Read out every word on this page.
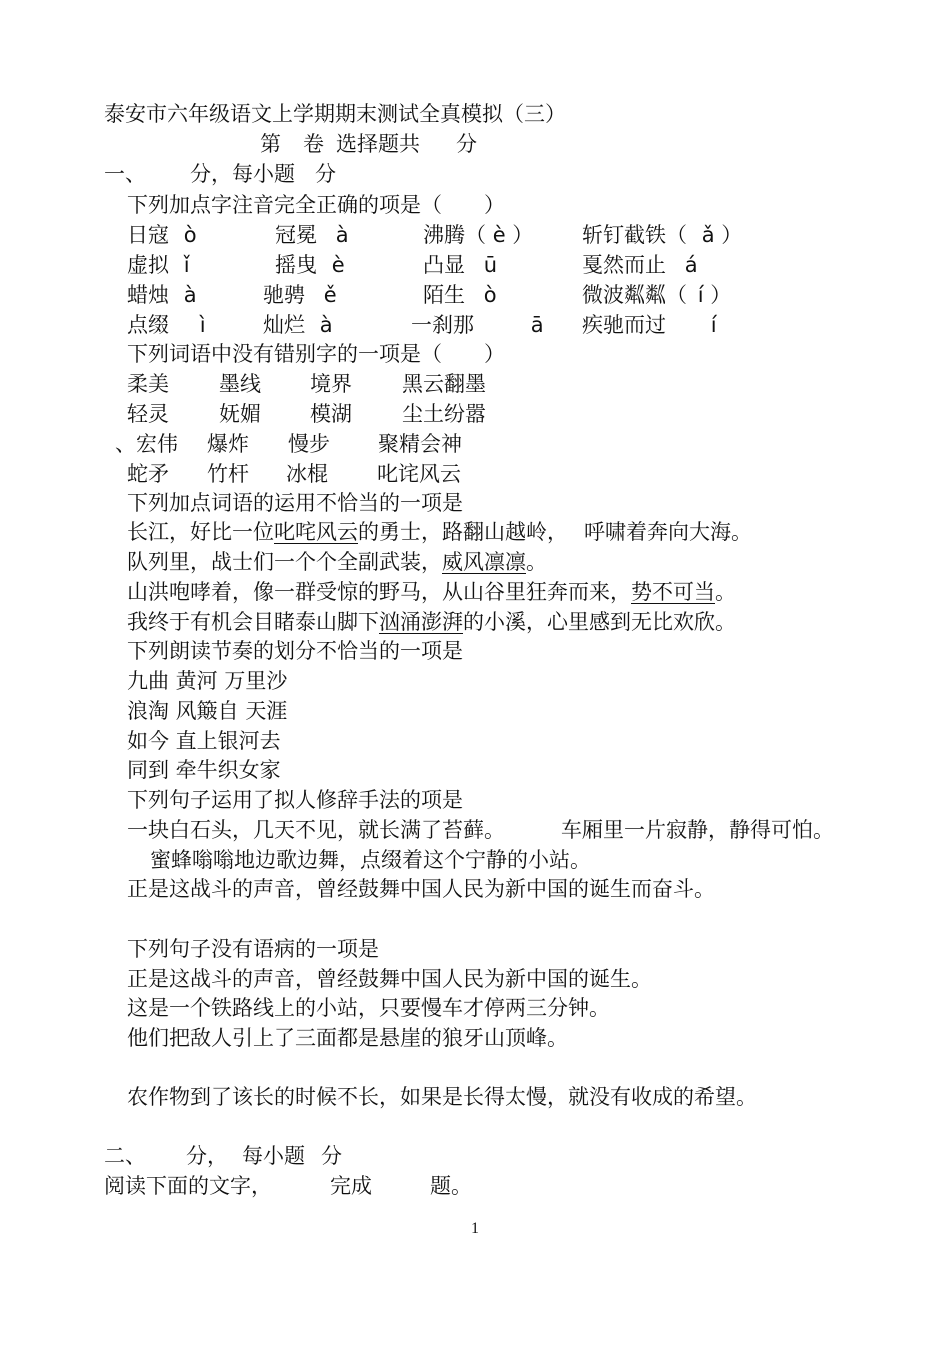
泰安市六年级语文上学期期末测试全真模拟（三）
第 卷 选择题共 分
一、 分，每小题 分
下列加点字注音完全正确的项是（　　）
日寇 ò	冠冕 à	沸腾（ è ） 斩钉截铁（ ǎ ）
虚拟 ǐ	摇曳 è	凸显 ū	戛然而止 á
蜡烛 à	驰骋 ě	陌生 ò	微波粼粼（ í ）
点缀 ì	灿烂 à	一刹那	ā 疾驰而过 í
下列词语中没有错别字的一项是（　　）
柔美 墨线 境界 黑云翻墨
轻灵 妩媚 模湖 尘土纷嚣
、宏伟 爆炸 慢步 聚精会神
蛇矛 竹杆 冰棍 叱诧风云
下列加点词语的运用不恰当的一项是
长江，好比一位叱咤风云的勇士，路翻山越岭， 呼啸着奔向大海。
队列里，战士们一个个全副武装，威风凛凛。
山洪咆哮着，像一群受惊的野马，从山谷里狂奔而来，势不可当。
我终于有机会目睹泰山脚下汹涌澎湃的小溪，心里感到无比欢欣。
下列朗读节奏的划分不恰当的一项是
九曲 黄河 万里沙
浪淘 风簸自 天涯
如今 直上银河去
同到 牵牛织女家
下列句子运用了拟人修辞手法的项是
一块白石头，几天不见，就长满了苔藓。	车厢里一片寂静，静得可怕。
蜜蜂嗡嗡地边歌边舞，点缀着这个宁静的小站。
正是这战斗的声音，曾经鼓舞中国人民为新中国的诞生而奋斗。
下列句子没有语病的一项是
正是这战斗的声音，曾经鼓舞中国人民为新中国的诞生。
这是一个铁路线上的小站，只要慢车才停两三分钟。
他们把敌人引上了三面都是悬崖的狼牙山顶峰。
农作物到了该长的时候不长，如果是长得太慢，就没有收成的希望。
二、 分， 每小题 分
阅读下面的文字，	完成	题。
1
